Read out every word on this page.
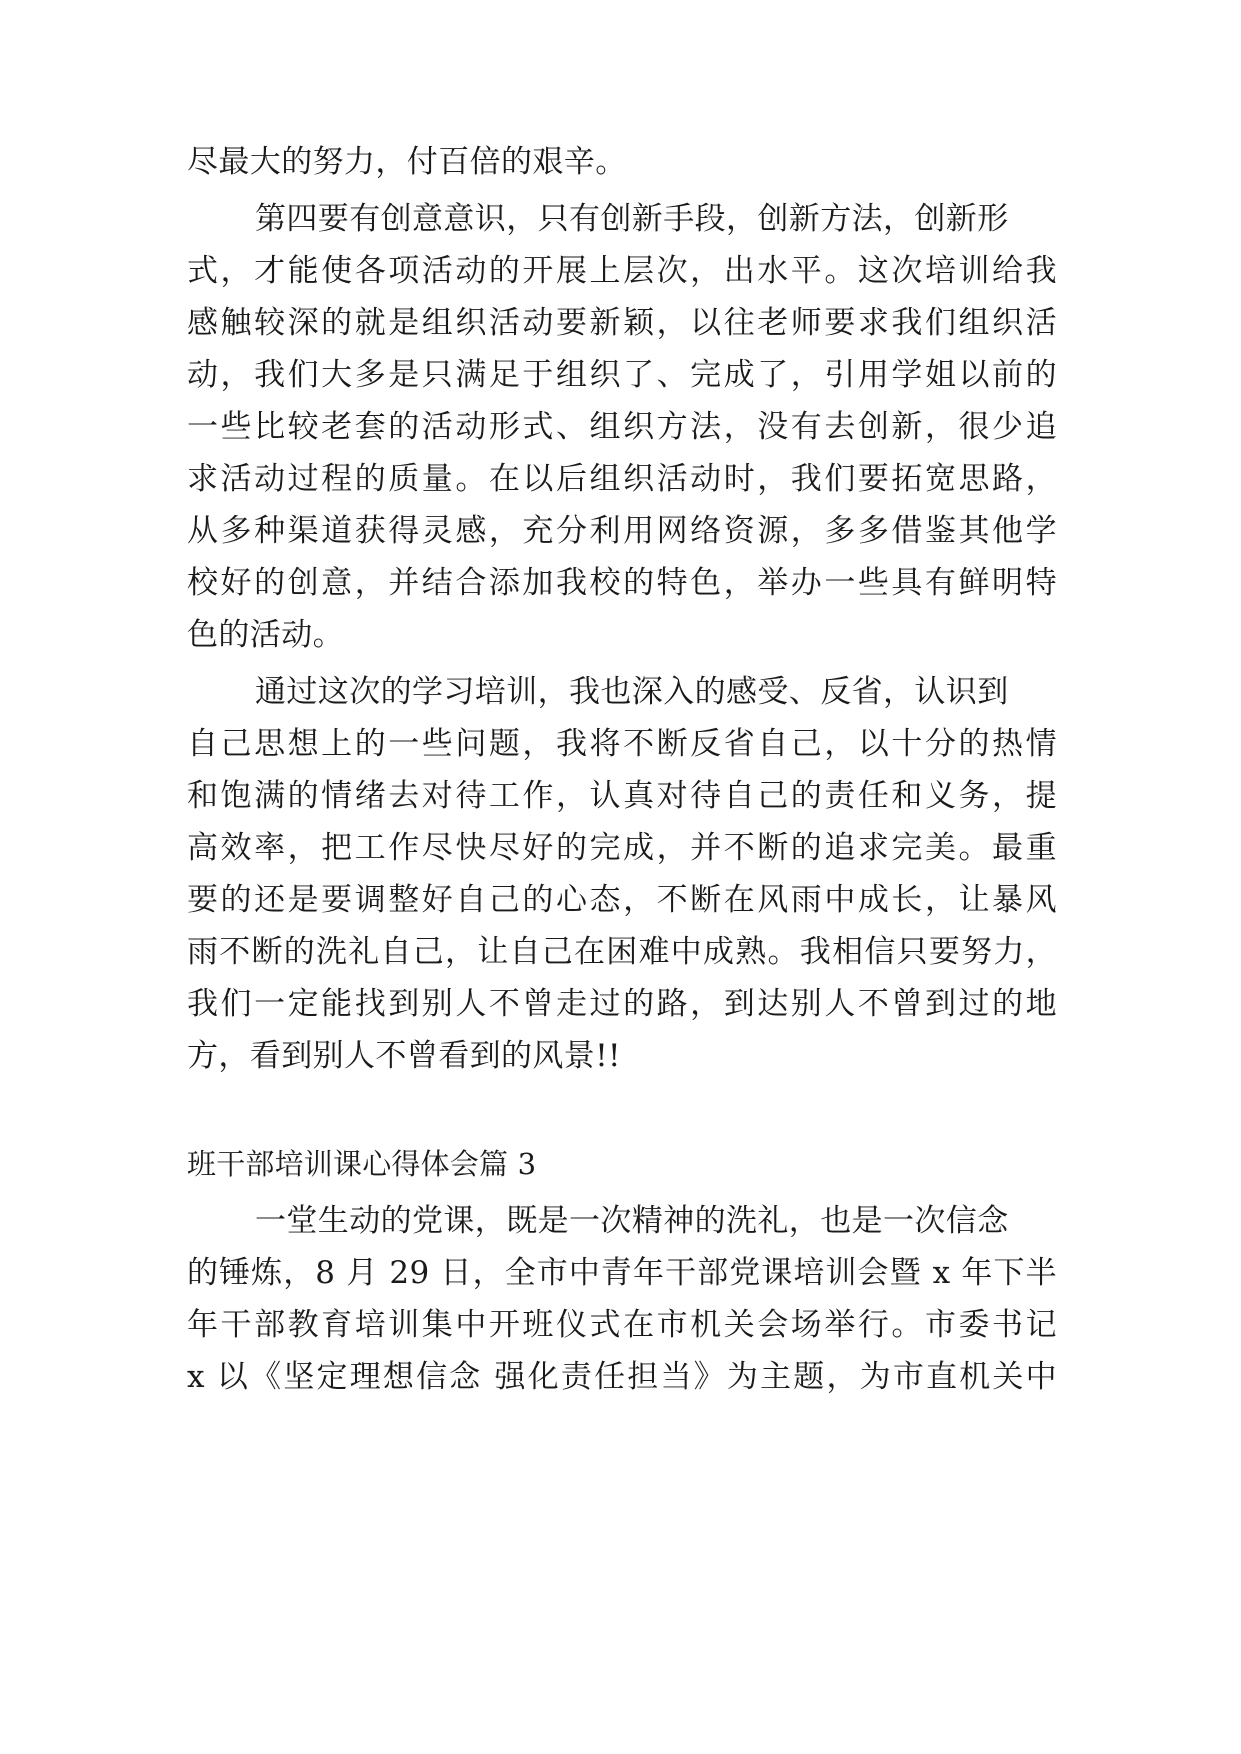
尽最大的努力，付百倍的艰辛。
第四要有创意意识，只有创新手段，创新方法，创新形
式，才能使各项活动的开展上层次，出水平。这次培训给我
感触较深的就是组织活动要新颖，以往老师要求我们组织活
动，我们大多是只满足于组织了、完成了，引用学姐以前的
一些比较老套的活动形式、组织方法，没有去创新，很少追
求活动过程的质量。在以后组织活动时，我们要拓宽思路，
从多种渠道获得灵感，充分利用网络资源，多多借鉴其他学
校好的创意，并结合添加我校的特色，举办一些具有鲜明特
色的活动。
通过这次的学习培训，我也深入的感受、反省，认识到
自己思想上的一些问题，我将不断反省自己，以十分的热情
和饱满的情绪去对待工作，认真对待自己的责任和义务，提
高效率，把工作尽快尽好的完成，并不断的追求完美。最重
要的还是要调整好自己的心态，不断在风雨中成长，让暴风
雨不断的洗礼自己，让自己在困难中成熟。我相信只要努力，
我们一定能找到别人不曾走过的路，到达别人不曾到过的地
方，看到别人不曾看到的风景!!
班干部培训课心得体会篇 3
一堂生动的党课，既是一次精神的洗礼，也是一次信念
的锤炼，8 月 29 日，全市中青年干部党课培训会暨 x 年下半
年干部教育培训集中开班仪式在市机关会场举行。市委书记
x 以《坚定理想信念 强化责任担当》为主题，为市直机关中
